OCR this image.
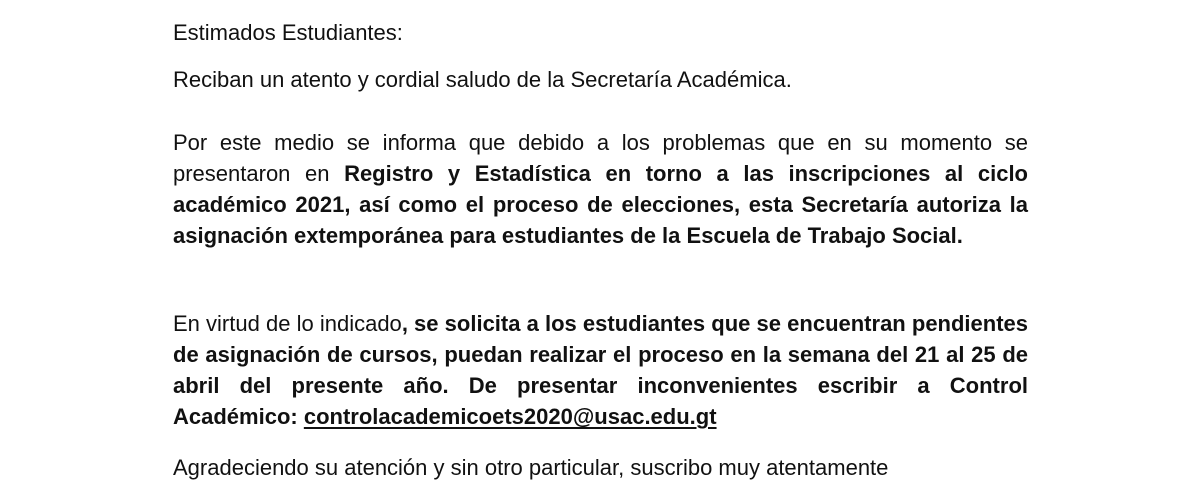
Estimados Estudiantes:

Reciban un atento y cordial saludo de la Secretaría Académica.

Por este medio se informa que debido a los problemas que en su momento se presentaron en Registro y Estadística en torno a las inscripciones al ciclo académico 2021, así como el proceso de elecciones, esta Secretaría autoriza la asignación extemporánea para estudiantes de la Escuela de Trabajo Social.

En virtud de lo indicado, se solicita a los estudiantes que se encuentran pendientes de asignación de cursos, puedan realizar el proceso en la semana del 21 al 25 de abril del presente año. De presentar inconvenientes escribir a Control Académico: controlacademicoets2020@usac.edu.gt

Agradeciendo su atención y sin otro particular, suscribo muy atentamente
